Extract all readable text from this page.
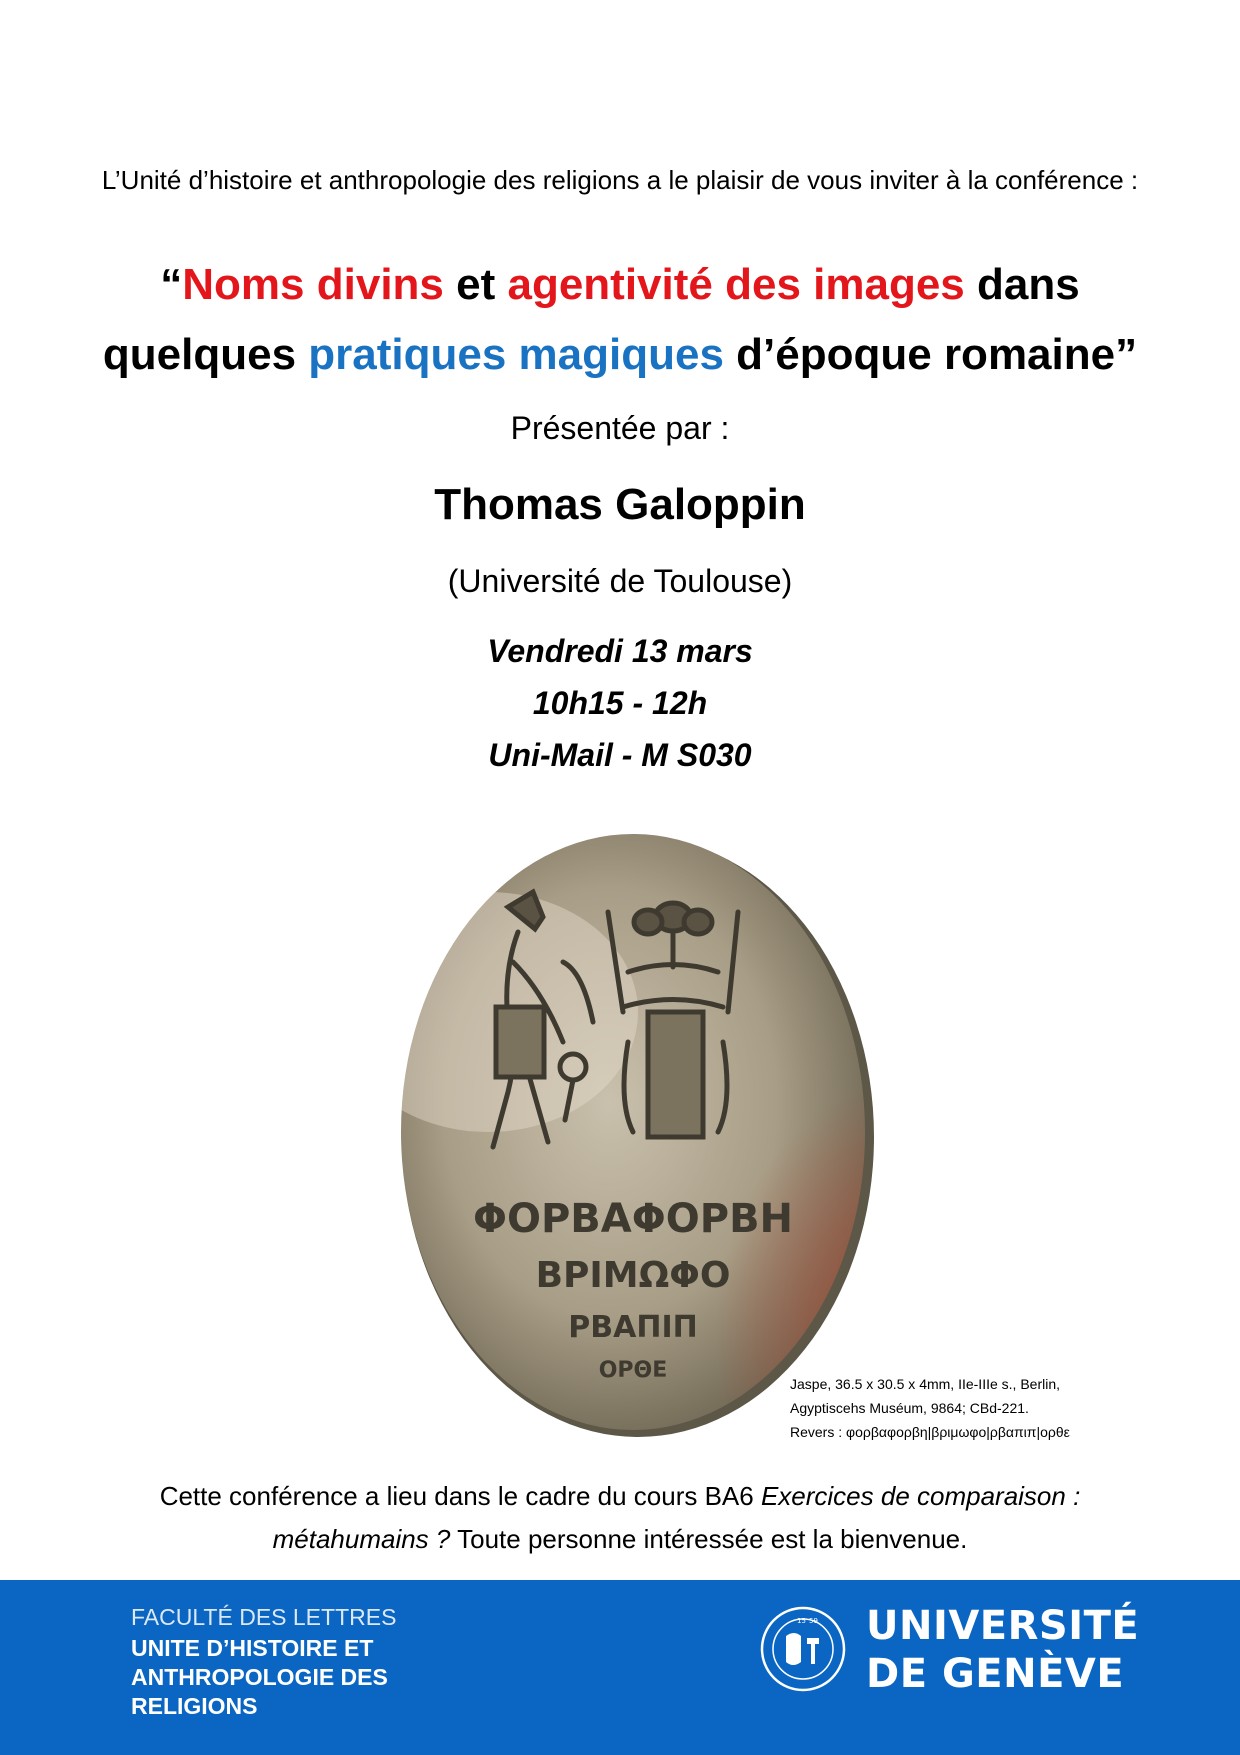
L’Unité d’histoire et anthropologie des religions a le plaisir de vous inviter à la conférence :
“Noms divins et agentivité des images dans
quelques pratiques magiques d’époque romaine”
Présentée par :
Thomas Galoppin
(Université de Toulouse)
Vendredi 13 mars
10h15 - 12h
Uni-Mail - M S030
ΦΟΡΒΑΦΟΡΒΗ
ΒΡΙΜΩΦΟ
ΡΒΑΠΙΠ
ΟΡΘΕ
Jaspe, 36.5 x 30.5 x 4mm, IIe-IIIe s., Berlin,
Agyptiscehs Muséum, 9864; CBd-221.
Revers : φορβαφορβη|βριμωφο|ρβαπιπ|ορθε
Cette conférence a lieu dans le cadre du cours BA6 Exercices de comparaison :
métahumains ? Toute personne intéressée est la bienvenue.
FACULTÉ DES LETTRES
UNITE D’HISTOIRE ET
ANTHROPOLOGIE DES
RELIGIONS
15 59 UNIVERSITÉ
DE GENÈVE
